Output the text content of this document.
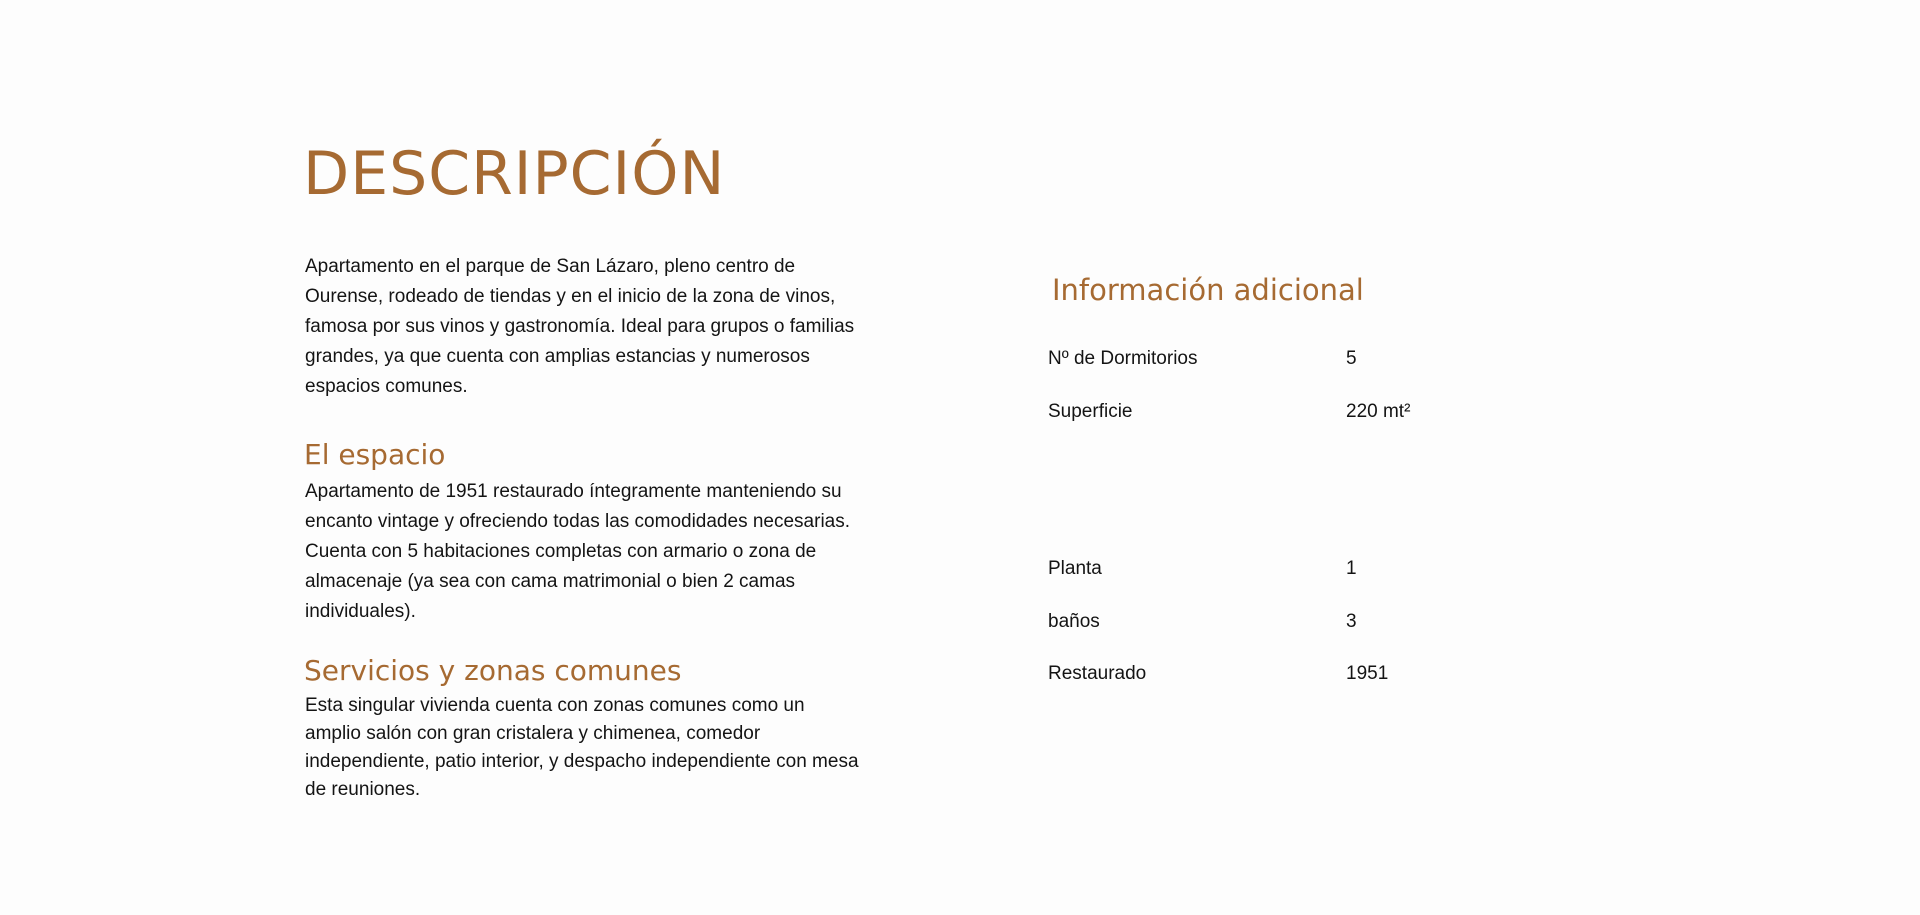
DESCRIPCIÓN

Apartamento en el parque de San Lázaro, pleno centro de Ourense, rodeado de tiendas y en el inicio de la zona de vinos, famosa por sus vinos y gastronomía. Ideal para grupos o familias grandes, ya que cuenta con amplias estancias y numerosos espacios comunes.

El espacio

Apartamento de 1951 restaurado íntegramente manteniendo su encanto vintage y ofreciendo todas las comodidades necesarias. Cuenta con 5 habitaciones completas con armario o zona de almacenaje (ya sea con cama matrimonial o bien 2 camas individuales).

Servicios y zonas comunes

Esta singular vivienda cuenta con zonas comunes como un amplio salón con gran cristalera y chimenea, comedor independiente, patio interior, y despacho independiente con mesa de reuniones.

Información adicional
Nº de Dormitorios	5
Superficie	220 mt²
Planta	1
baños	3
Restaurado	1951
